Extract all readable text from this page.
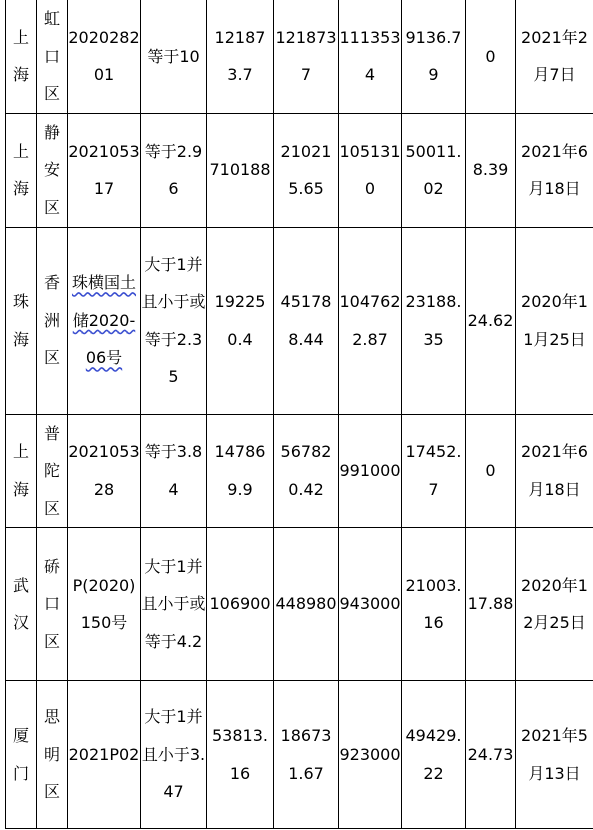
上海	虹口区	202028201	等于10	121873.7	1218737	1113534	9136.79	0	2021年2月7日
上海	静安区	202105317	等于2.96	710188	210215.65	1051310	50011.02	8.39	2021年6月18日
珠海	香洲区	珠横国土储2020-06号	大于1并且小于或等于2.35	192250.4	451788.44	1047622.87	23188.35	24.62	2020年11月25日
上海	普陀区	202105328	等于3.84	147869.9	567820.42	991000	17452.7	0	2021年6月18日
武汉	硚口区	P(2020)150号	大于1并且小于或等于4.2	106900	448980	943000	21003.16	17.88	2020年12月25日
厦门	思明区	2021P02	大于1并且小于3.47	53813.16	186731.67	923000	49429.22	24.73	2021年5月13日
